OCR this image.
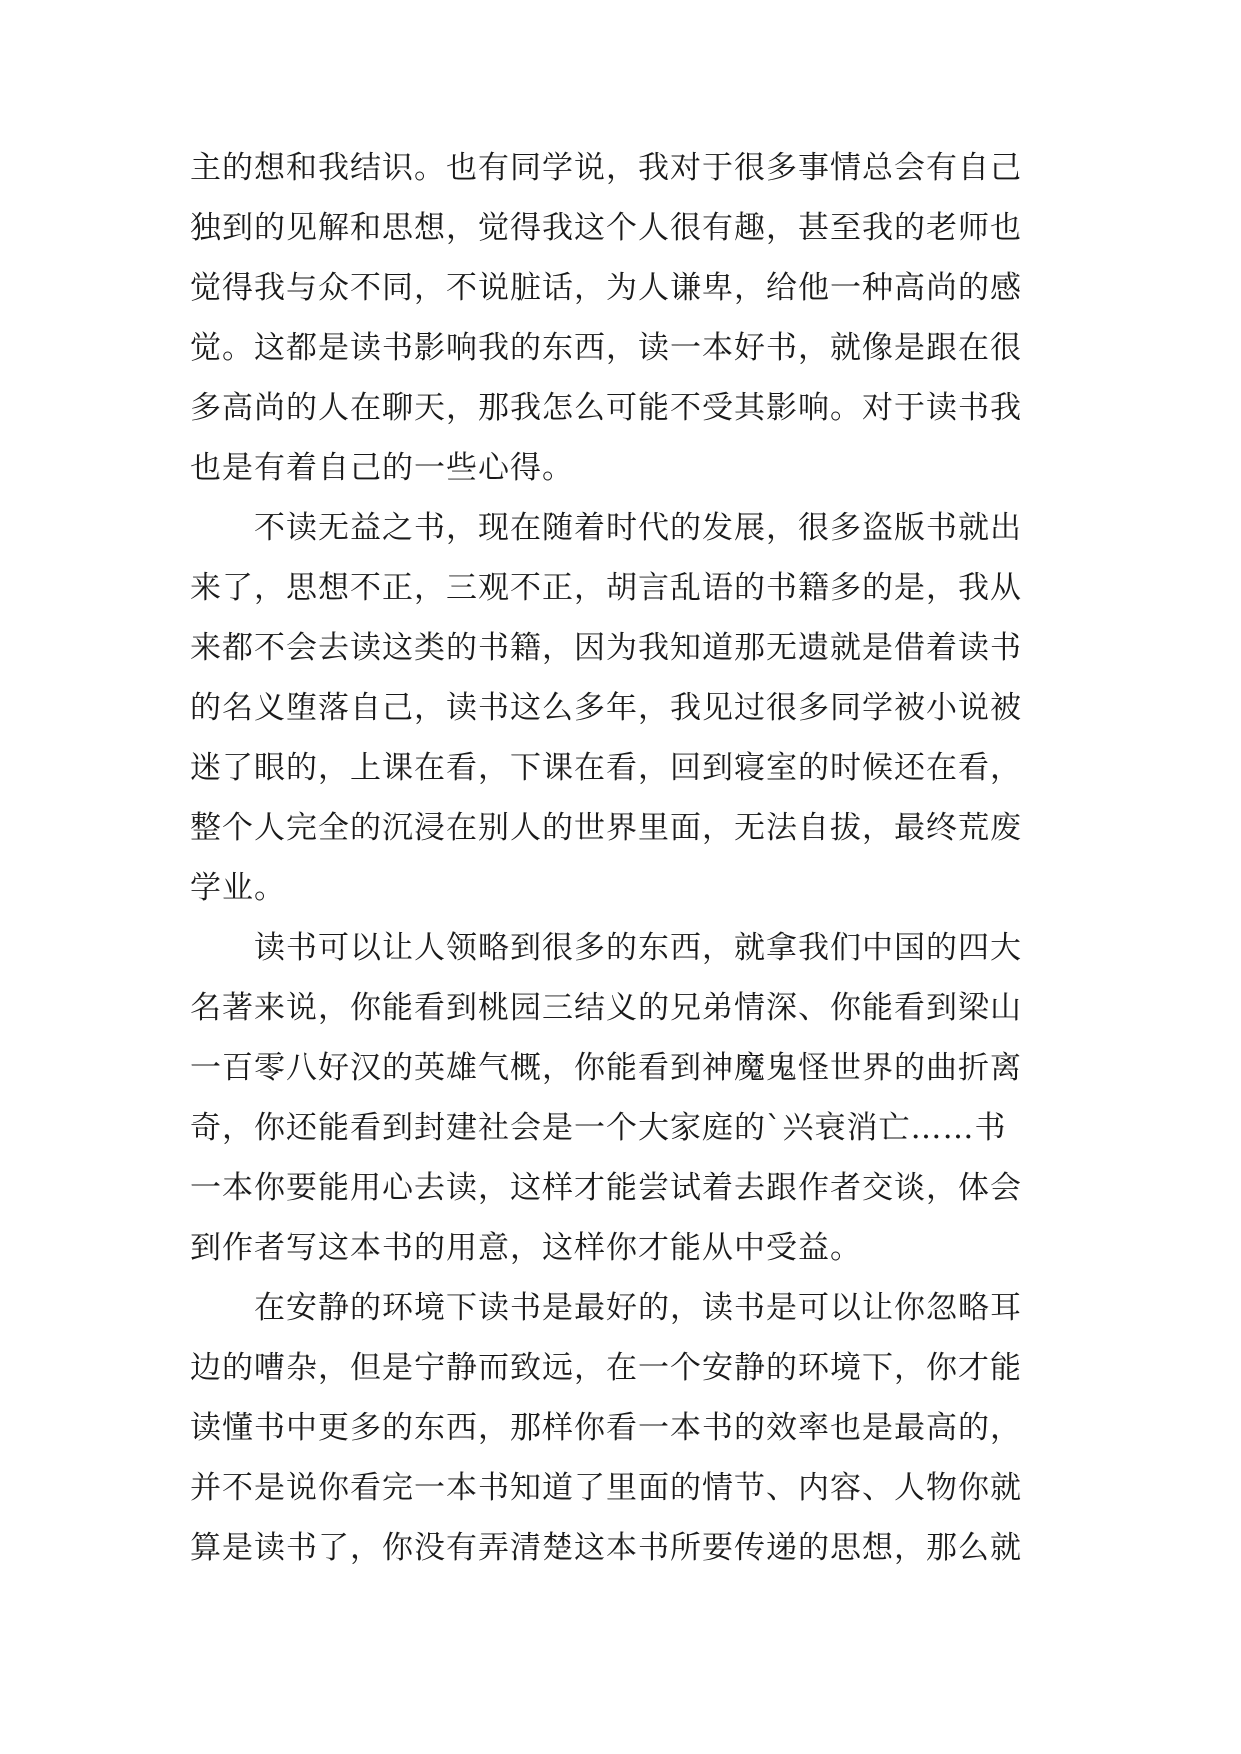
主的想和我结识。也有同学说，我对于很多事情总会有自己
独到的见解和思想，觉得我这个人很有趣，甚至我的老师也
觉得我与众不同，不说脏话，为人谦卑，给他一种高尚的感
觉。这都是读书影响我的东西，读一本好书，就像是跟在很
多高尚的人在聊天，那我怎么可能不受其影响。对于读书我
也是有着自己的一些心得。
不读无益之书，现在随着时代的发展，很多盗版书就出
来了，思想不正，三观不正，胡言乱语的书籍多的是，我从
来都不会去读这类的书籍，因为我知道那无遗就是借着读书
的名义堕落自己，读书这么多年，我见过很多同学被小说被
迷了眼的，上课在看，下课在看，回到寝室的时候还在看，
整个人完全的沉浸在别人的世界里面，无法自拔，最终荒废
学业。
读书可以让人领略到很多的东西，就拿我们中国的四大
名著来说，你能看到桃园三结义的兄弟情深、你能看到梁山
一百零八好汉的英雄气概，你能看到神魔鬼怪世界的曲折离
奇，你还能看到封建社会是一个大家庭的`兴衰消亡……书
一本你要能用心去读，这样才能尝试着去跟作者交谈，体会
到作者写这本书的用意，这样你才能从中受益。
在安静的环境下读书是最好的，读书是可以让你忽略耳
边的嘈杂，但是宁静而致远，在一个安静的环境下，你才能
读懂书中更多的东西，那样你看一本书的效率也是最高的，
并不是说你看完一本书知道了里面的情节、内容、人物你就
算是读书了，你没有弄清楚这本书所要传递的思想，那么就
